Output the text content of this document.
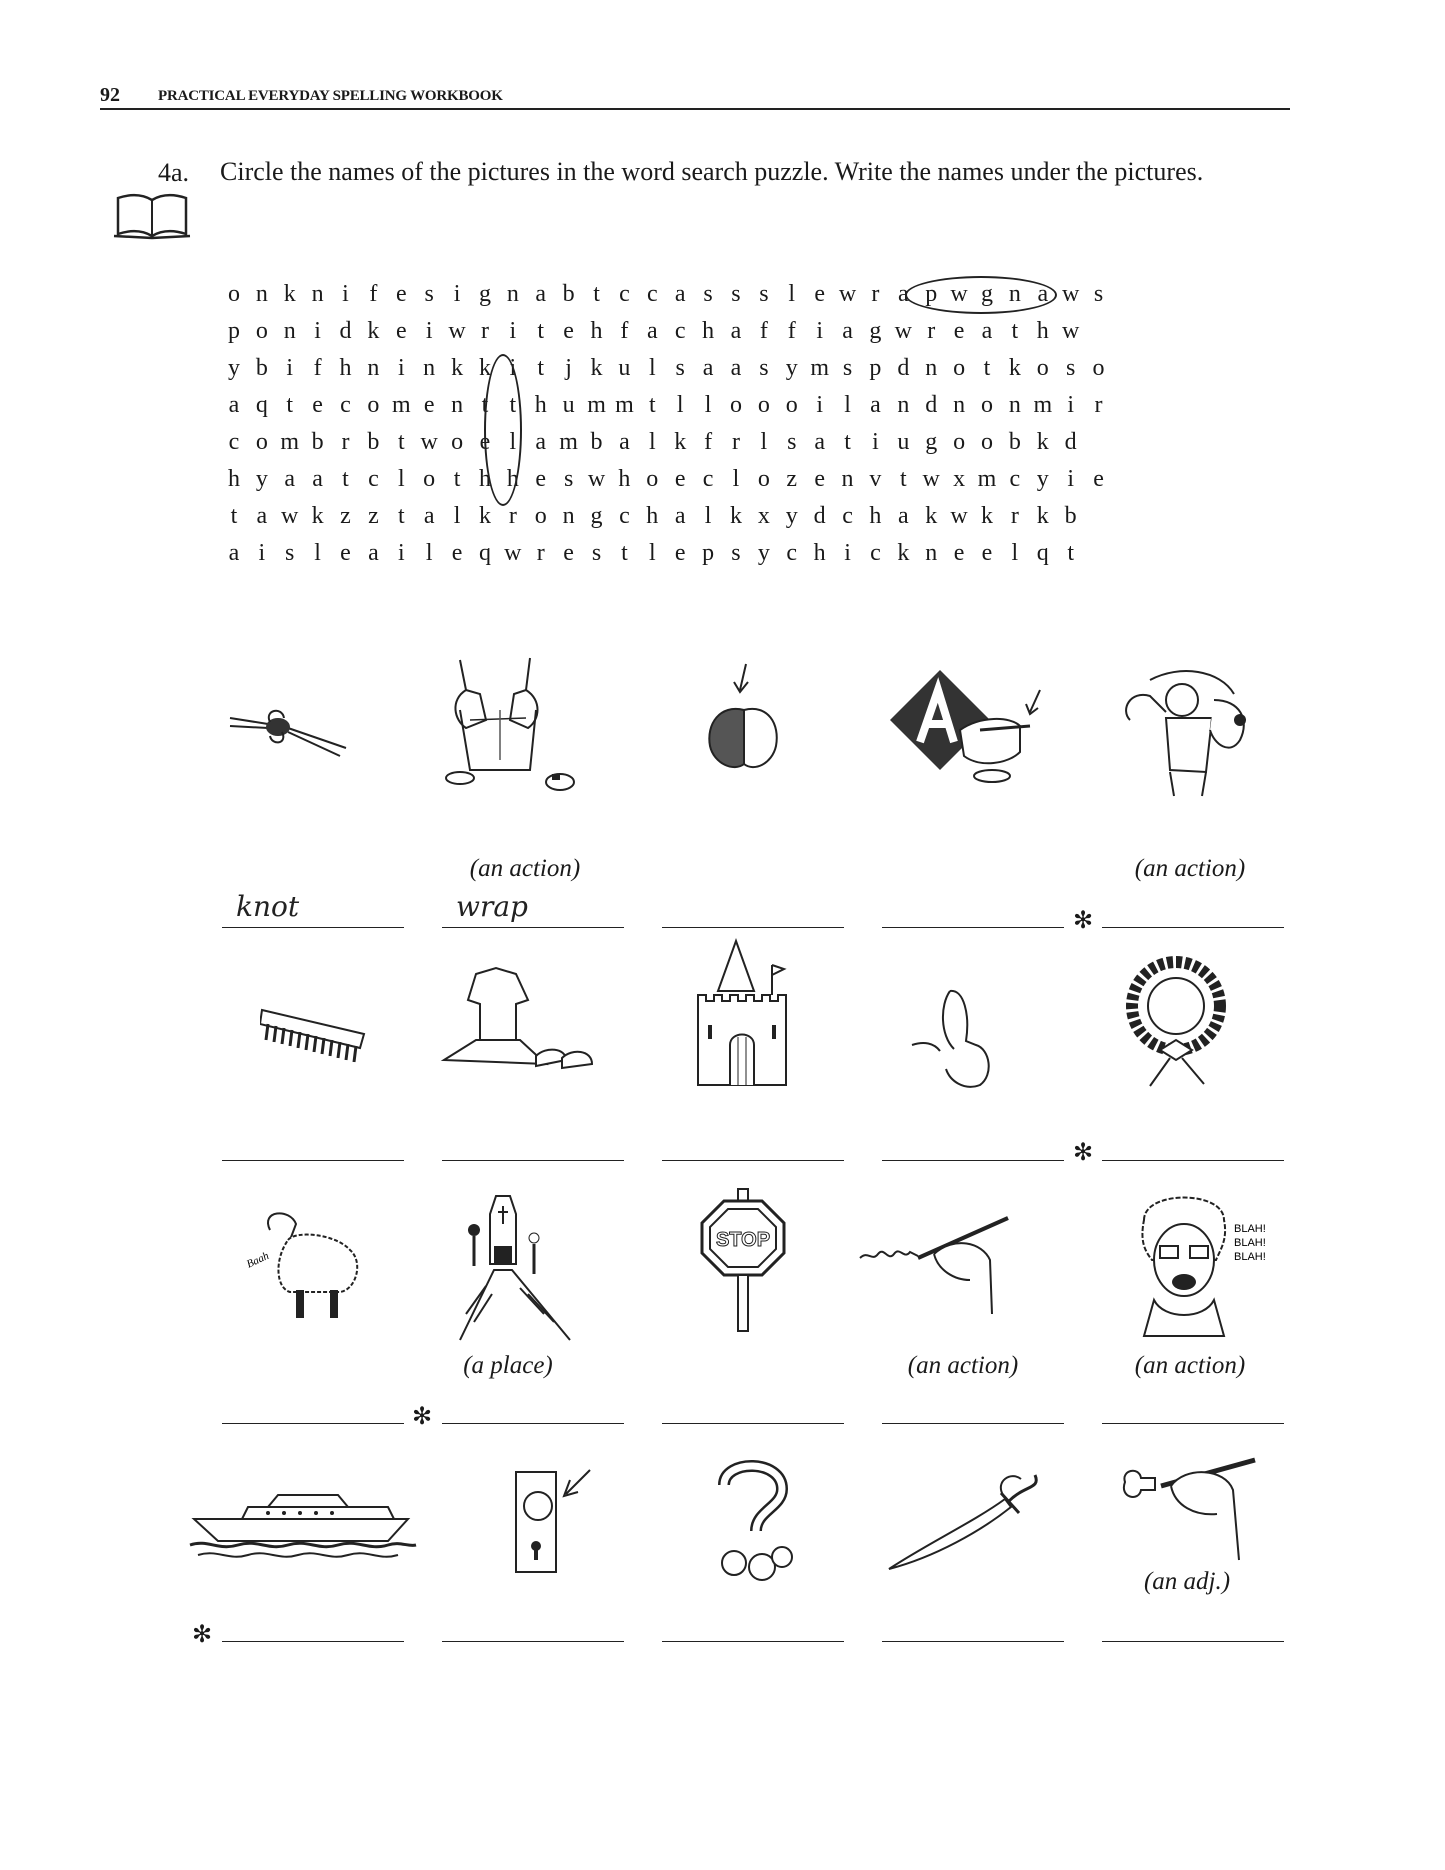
92	PRACTICAL EVERYDAY SPELLING WORKBOOK
4a. Circle the names of the pictures in the word search puzzle. Write the names under the pictures.
o n k n i f e s i g n a b t c c a s s s l e w r a p w g n a w s
p o n i d k e i w r i t e h f a c h a f f i a g w r e a t h w
y b i f h n i n k k i t j k u l s a a s y m s p d n o t k o s o
a q t e c o m e n t t h u m m t l l o o o i l a n d n o n m i r
c o m b r b t w o e l a m b a l k f r l s a t i u g o o b k d
h y a a t c l o t h h e s w h o e c l o z e n v t w x m c y i e
t a w k z z t a l k r o n g c h a l k x y d c h a k w k r k b
a i s l e a i l e q w r e s t l e p s y c h i c k n e e l q t
(an action)	(an action)
knot	wrap	✻
✻
Baah
STOP	BLAH!
BLAH!
BLAH!
(a place)	(an action)	(an action)
✻
(an adj.)
✻
